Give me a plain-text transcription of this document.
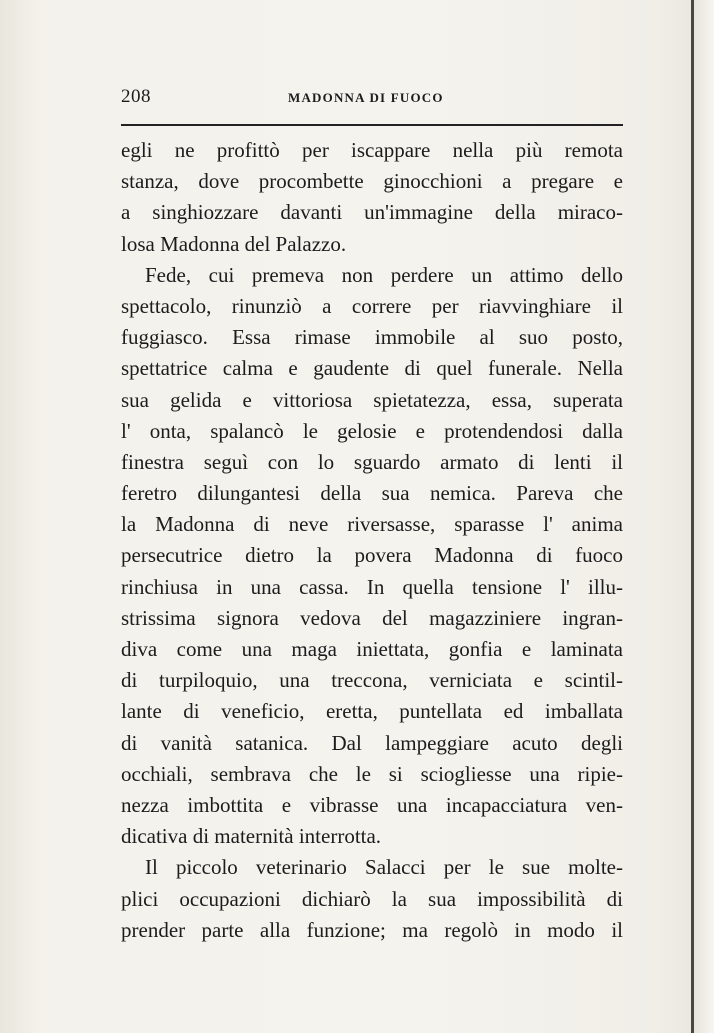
208	MADONNA DI FUOCO
egli ne profittò per iscappare nella più remota
stanza, dove procombette ginocchioni a pregare e
a singhiozzare davanti un'immagine della miraco-
losa Madonna del Palazzo.
Fede, cui premeva non perdere un attimo dello
spettacolo, rinunziò a correre per riavvinghiare il
fuggiasco. Essa rimase immobile al suo posto,
spettatrice calma e gaudente di quel funerale. Nella
sua gelida e vittoriosa spietatezza, essa, superata
l' onta, spalancò le gelosie e protendendosi dalla
finestra seguì con lo sguardo armato di lenti il
feretro dilungantesi della sua nemica. Pareva che
la Madonna di neve riversasse, sparasse l' anima
persecutrice dietro la povera Madonna di fuoco
rinchiusa in una cassa. In quella tensione l' illu-
strissima signora vedova del magazziniere ingran-
diva come una maga iniettata, gonfia e laminata
di turpiloquio, una treccona, verniciata e scintil-
lante di veneficio, eretta, puntellata ed imballata
di vanità satanica. Dal lampeggiare acuto degli
occhiali, sembrava che le si sciogliesse una ripie-
nezza imbottita e vibrasse una incapacciatura ven-
dicativa di maternità interrotta.
Il piccolo veterinario Salacci per le sue molte-
plici occupazioni dichiarò la sua impossibilità di
prender parte alla funzione; ma regolò in modo il
